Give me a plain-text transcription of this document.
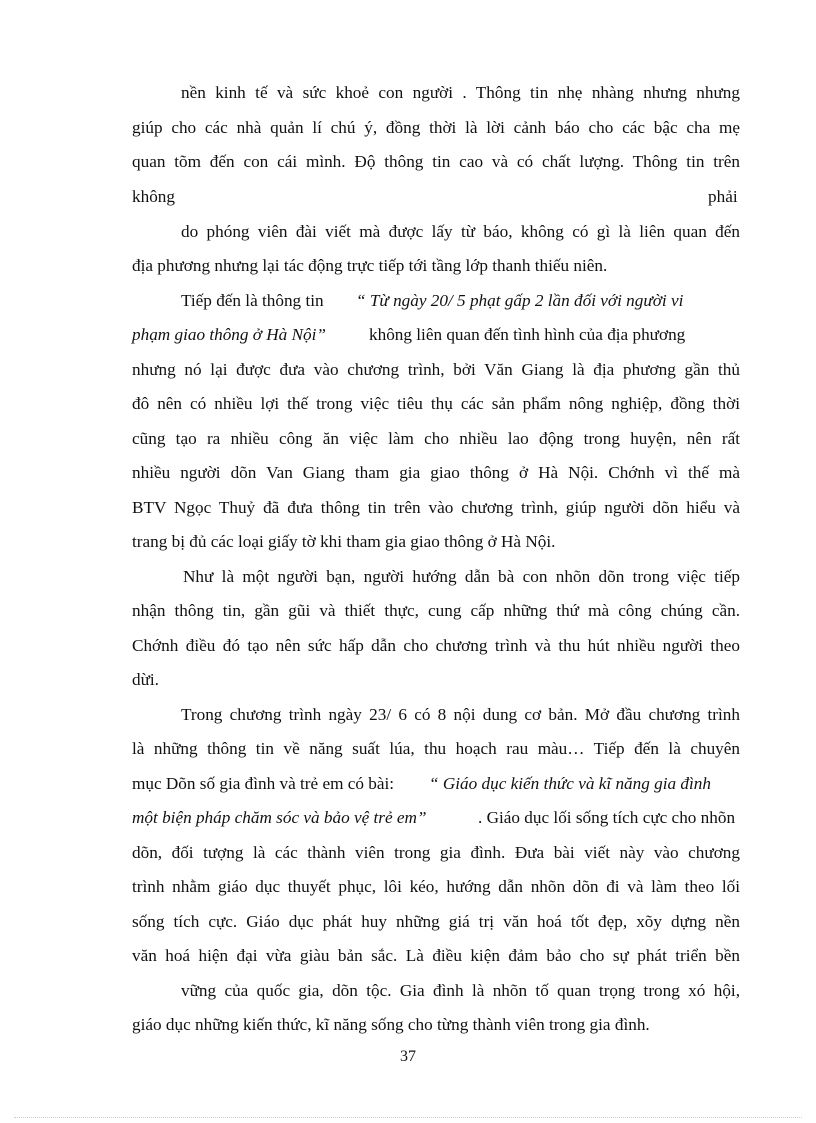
nền kinh tế và sức khoẻ con người . Thông tin nhẹ nhàng nhưng nhưng
giúp cho các nhà quản lí chú ý, đồng thời là lời cảnh báo cho các bậc cha mẹ
quan tõm đến con cái mình. Độ thông tin cao và có chất lượng. Thông tin trên
không	phải
do phóng viên đài viết mà được lấy từ báo, không có gì là liên quan đến
địa phương nhưng lại tác động trực tiếp tới tầng lớp thanh thiếu niên.
Tiếp đến là thông tin “ Từ ngày 20/ 5 phạt gấp 2 lần đối với người vi
phạm giao thông ở Hà Nội”	không liên quan đến tình hình của địa phương
nhưng nó lại được đưa vào chương trình, bởi Văn Giang là địa phương gần thủ
đô nên có nhiều lợi thế trong việc tiêu thụ các sản phẩm nông nghiệp, đồng thời
cũng tạo ra nhiều công ăn việc làm cho nhiều lao động trong huyện, nên rất
nhiều người dõn Van Giang tham gia giao thông ở Hà Nội. Chớnh vì thế mà
BTV Ngọc Thuỷ đã đưa thông tin trên vào chương trình, giúp người dõn hiểu và
trang bị đủ các loại giấy tờ khi tham gia giao thông ở Hà Nội.
Như là một người bạn, người hướng dẫn bà con nhõn dõn trong việc tiếp
nhận thông tin, gần gũi và thiết thực, cung cấp những thứ mà công chúng cần.
Chớnh điều đó tạo nên sức hấp dẫn cho chương trình và thu hút nhiều người theo
dừi.
Trong chương trình ngày 23/ 6 có 8 nội dung cơ bản. Mở đầu chương trình
là những thông tin về năng suất lúa, thu hoạch rau màu… Tiếp đến là chuyên
mục Dõn số gia đình và trẻ em có bài: “ Giáo dục kiến thức và kĩ năng gia đình
một biện pháp chăm sóc và bảo vệ trẻ em”	. Giáo dục lối sống tích cực cho nhõn
dõn, đối tượng là các thành viên trong gia đình. Đưa bài viết này vào chương
trình nhằm giáo dục thuyết phục, lôi kéo, hướng dẫn nhõn dõn đi và làm theo lối
sống tích cực. Giáo dục phát huy những giá trị văn hoá tốt đẹp, xõy dựng nền
văn hoá hiện đại vừa giàu bản sắc. Là điều kiện đảm bảo cho sự phát triển bền
vững của quốc gia, dõn tộc. Gia đình là nhõn tố quan trọng trong xó hội,
giáo dục những kiến thức, kĩ năng sống cho từng thành viên trong gia đình.
37
